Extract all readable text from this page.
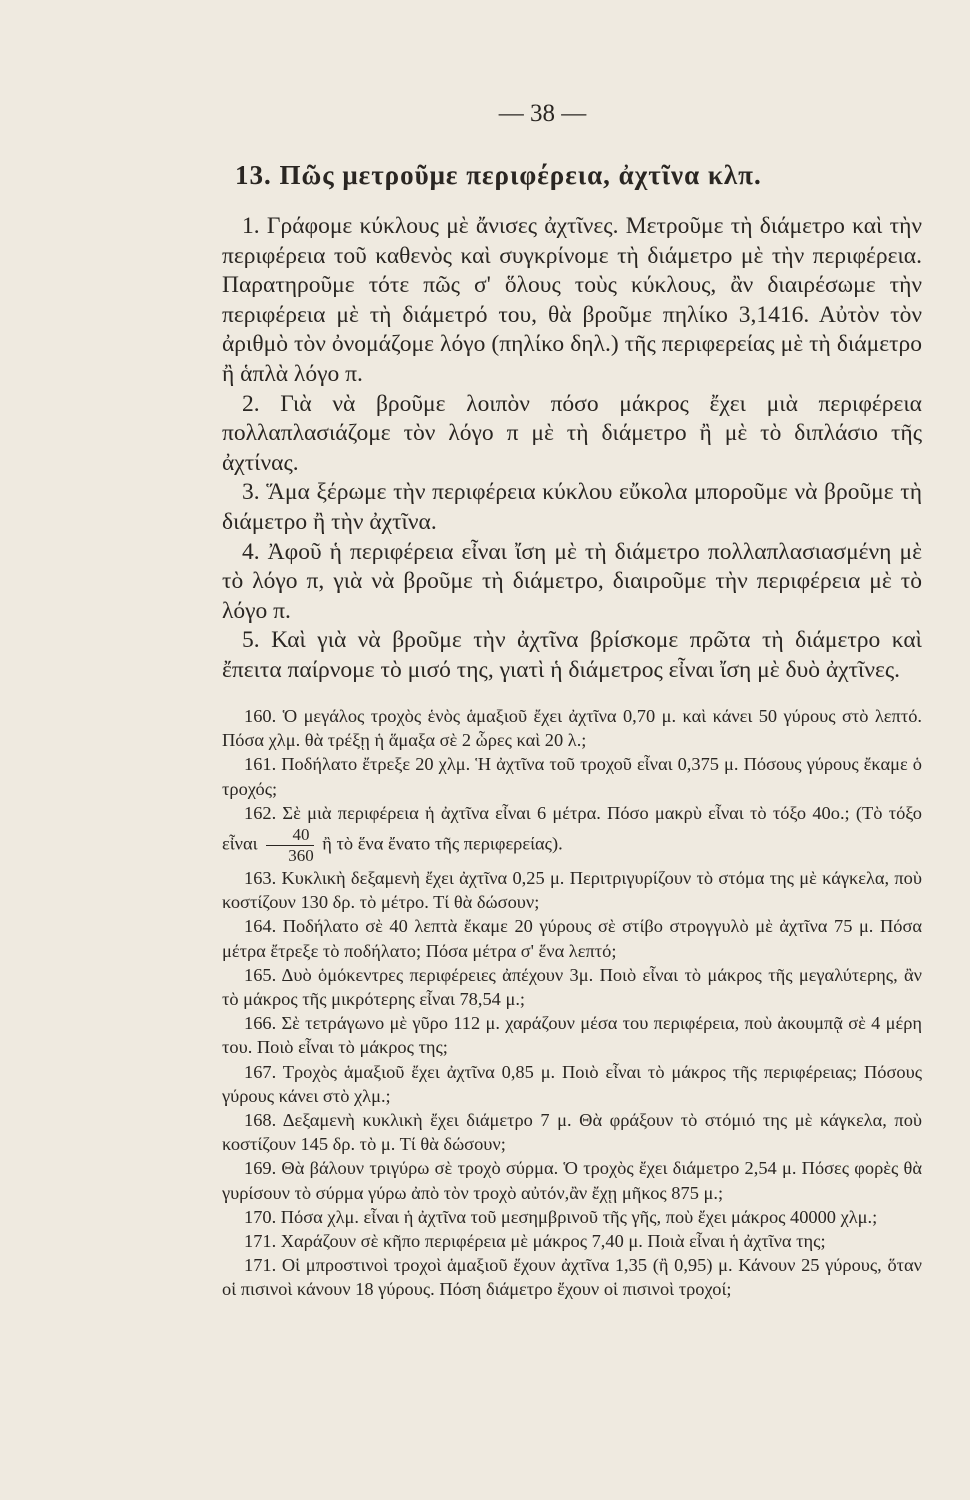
— 38 —
13. Πῶς μετροῦμε περιφέρεια, ἀχτῖνα κλπ.

1. Γράφομε κύκλους μὲ ἄνισες ἀχτῖνες. Μετροῦμε τὴ διάμετρο καὶ τὴν περιφέρεια τοῦ καθενὸς καὶ συγκρίνομε τὴ διάμετρο μὲ τὴν περιφέρεια. Παρατηροῦμε τότε πῶς σ' ὅλους τοὺς κύκλους, ἂν διαιρέσωμε τὴν περιφέρεια μὲ τὴ διάμετρό του, θὰ βροῦμε πηλίκο 3,1416. Αὐτὸν τὸν ἀριθμὸ τὸν ὀνομάζομε λόγο (πηλίκο δηλ.) τῆς περιφερείας μὲ τὴ διάμετρο ἢ ἁπλὰ λόγο π.

2. Γιὰ νὰ βροῦμε λοιπὸν πόσο μάκρος ἔχει μιὰ περιφέρεια πολλαπλασιάζομε τὸν λόγο π μὲ τὴ διάμετρο ἢ μὲ τὸ διπλάσιο τῆς ἀχτίνας.

3. Ἅμα ξέρωμε τὴν περιφέρεια κύκλου εὔκολα μποροῦμε νὰ βροῦμε τὴ διάμετρο ἢ τὴν ἀχτῖνα.

4. Ἀφοῦ ἡ περιφέρεια εἶναι ἴση μὲ τὴ διάμετρο πολλαπλασιασμένη μὲ τὸ λόγο π, γιὰ νὰ βροῦμε τὴ διάμετρο, διαιροῦμε τὴν περιφέρεια μὲ τὸ λόγο π.

5. Καὶ γιὰ νὰ βροῦμε τὴν ἀχτῖνα βρίσκομε πρῶτα τὴ διάμετρο καὶ ἔπειτα παίρνομε τὸ μισό της, γιατὶ ἡ διάμετρος εἶναι ἴση μὲ δυὸ ἀχτῖνες.

160. Ὁ μεγάλος τροχὸς ἑνὸς ἁμαξιοῦ ἔχει ἀχτῖνα 0,70 μ. καὶ κάνει 50 γύρους στὸ λεπτό. Πόσα χλμ. θὰ τρέξῃ ἡ ἅμαξα σὲ 2 ὧρες καὶ 20 λ.;

161. Ποδήλατο ἔτρεξε 20 χλμ. Ἡ ἀχτῖνα τοῦ τροχοῦ εἶναι 0,375 μ. Πόσους γύρους ἔκαμε ὁ τροχός;

162. Σὲ μιὰ περιφέρεια ἡ ἀχτῖνα εἶναι 6 μέτρα. Πόσο μακρὺ εἶναι τὸ τόξο 40ο.; (Τὸ τόξο εἶναι $\frac{40}{360}$ ἢ τὸ ἕνα ἔνατο τῆς περιφερείας).

163. Κυκλικὴ δεξαμενὴ ἔχει ἀχτῖνα 0,25 μ. Περιτριγυρίζουν τὸ στόμα της μὲ κάγκελα, ποὺ κοστίζουν 130 δρ. τὸ μέτρο. Τί θὰ δώσουν;

164. Ποδήλατο σὲ 40 λεπτὰ ἔκαμε 20 γύρους σὲ στίβο στρογγυλὸ μὲ ἀχτῖνα 75 μ. Πόσα μέτρα ἔτρεξε τὸ ποδήλατο; Πόσα μέτρα σ' ἕνα λεπτό;

165. Δυὸ ὁμόκεντρες περιφέρειες ἀπέχουν 3μ. Ποιὸ εἶναι τὸ μάκρος τῆς μεγαλύτερης, ἂν τὸ μάκρος τῆς μικρότερης εἶναι 78,54 μ.;

166. Σὲ τετράγωνο μὲ γῦρο 112 μ. χαράζουν μέσα του περιφέρεια, ποὺ ἀκουμπᾷ σὲ 4 μέρη του. Ποιὸ εἶναι τὸ μάκρος της;

167. Τροχὸς ἁμαξιοῦ ἔχει ἀχτῖνα 0,85 μ. Ποιὸ εἶναι τὸ μάκρος τῆς περιφέρειας; Πόσους γύρους κάνει στὸ χλμ.;

168. Δεξαμενὴ κυκλικὴ ἔχει διάμετρο 7 μ. Θὰ φράξουν τὸ στόμιό της μὲ κάγκελα, ποὺ κοστίζουν 145 δρ. τὸ μ. Τί θὰ δώσουν;

169. Θὰ βάλουν τριγύρω σὲ τροχὸ σύρμα. Ὁ τροχὸς ἔχει διάμετρο 2,54 μ. Πόσες φορὲς θὰ γυρίσουν τὸ σύρμα γύρω ἀπὸ τὸν τροχὸ αὐτόν,ἂν ἔχῃ μῆκος 875 μ.;

170. Πόσα χλμ. εἶναι ἡ ἀχτῖνα τοῦ μεσημβρινοῦ τῆς γῆς, ποὺ ἔχει μάκρος 40000 χλμ.;

171. Χαράζουν σὲ κῆπο περιφέρεια μὲ μάκρος 7,40 μ. Ποιὰ εἶναι ἡ ἀχτῖνα της;

171. Οἱ μπροστινοὶ τροχοὶ ἁμαξιοῦ ἔχουν ἀχτῖνα 1,35 (ἢ 0,95) μ. Κάνουν 25 γύρους, ὅταν οἱ πισινοὶ κάνουν 18 γύρους. Πόση διάμετρο ἔχουν οἱ πισινοὶ τροχοί;
